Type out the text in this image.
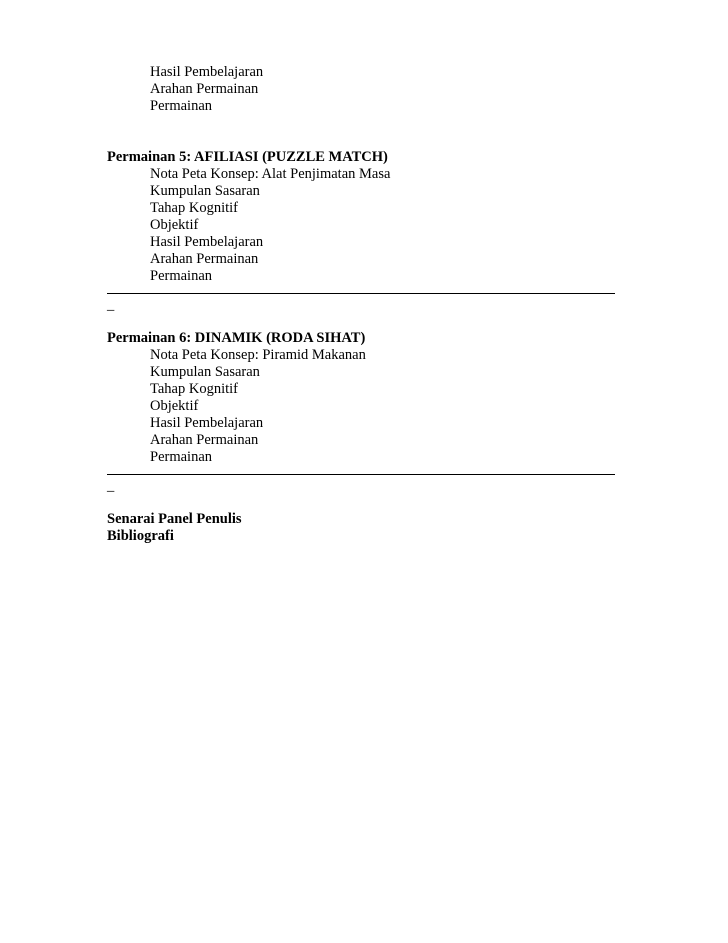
Hasil Pembelajaran
Arahan Permainan
Permainan
Permainan 5: AFILIASI (PUZZLE MATCH)
Nota Peta Konsep: Alat Penjimatan Masa
Kumpulan Sasaran
Tahap Kognitif
Objektif
Hasil Pembelajaran
Arahan Permainan
Permainan
_
Permainan 6: DINAMIK (RODA SIHAT)
Nota Peta Konsep: Piramid Makanan
Kumpulan Sasaran
Tahap Kognitif
Objektif
Hasil Pembelajaran
Arahan Permainan
Permainan
_
Senarai Panel Penulis
Bibliografi
